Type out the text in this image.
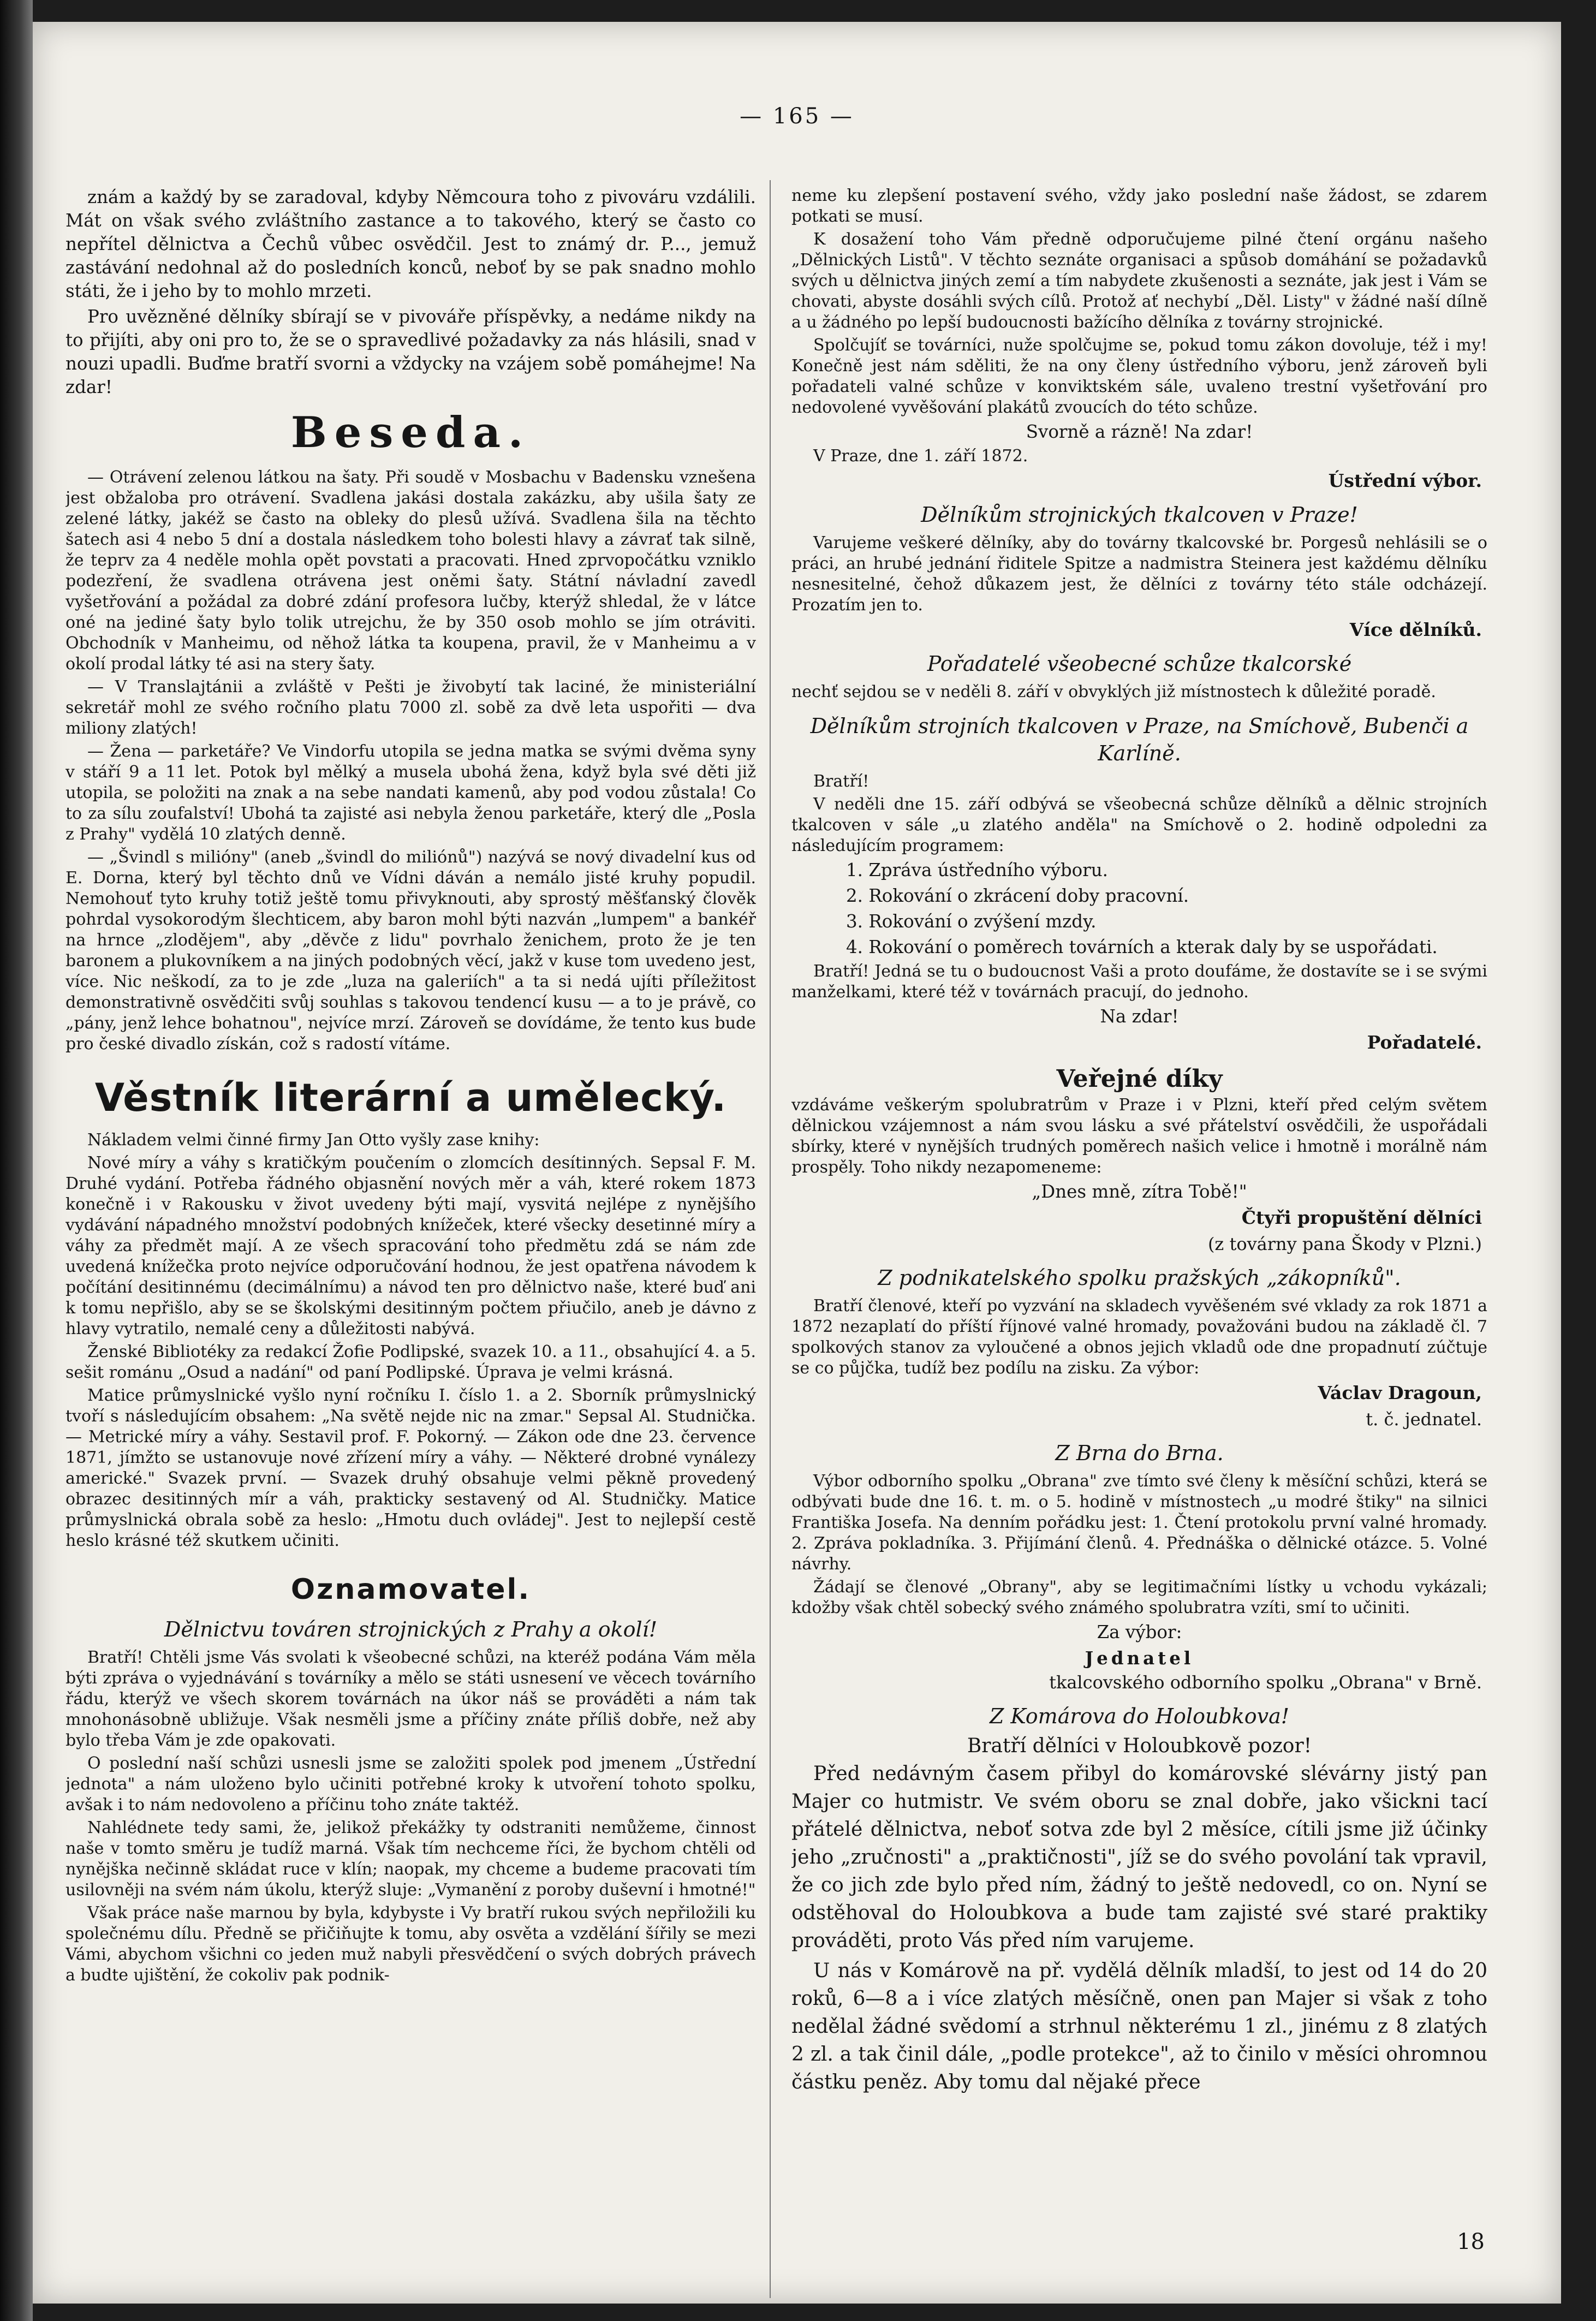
— 165 —

znám a každý by se zaradoval, kdyby Němcoura toho z pivováru vzdálili. Mát on však svého zvláštního zastance a to takového, který se často co nepřítel dělnictva a Čechů vůbec osvědčil. Jest to známý dr. P..., jemuž zastávání nedohnal až do posledních konců, neboť by se pak snadno mohlo státi, že i jeho by to mohlo mrzeti.

Pro uvězněné dělníky sbírají se v pivováře příspěvky, a nedáme nikdy na to přijíti, aby oni pro to, že se o spravedlivé požadavky za nás hlásili, snad v nouzi upadli. Buďme bratří svorni a vždycky na vzájem sobě pomáhejme! Na zdar!

Beseda.

— Otrávení zelenou látkou na šaty. Při soudě v Mosbachu v Badensku vznešena jest obžaloba pro otrávení. Svadlena jakási dostala zakázku, aby ušila šaty ze zelené látky, jakéž se často na obleky do plesů užívá. Svadlena šila na těchto šatech asi 4 nebo 5 dní a dostala následkem toho bolesti hlavy a závrať tak silně, že teprv za 4 neděle mohla opět povstati a pracovati. Hned zprvopočátku vzniklo podezření, že svadlena otrávena jest oněmi šaty. Státní návladní zavedl vyšetřování a požádal za dobré zdání profesora lučby, kterýž shledal, že v látce oné na jediné šaty bylo tolik utrejchu, že by 350 osob mohlo se jím otráviti. Obchodník v Manheimu, od něhož látka ta koupena, pravil, že v Manheimu a v okolí prodal látky té asi na stery šaty.

— V Translajtánii a zvláště v Pešti je živobytí tak laciné, že ministeriální sekretář mohl ze svého ročního platu 7000 zl. sobě za dvě leta uspořiti — dva miliony zlatých!

— Žena — parketáře? Ve Vindorfu utopila se jedna matka se svými dvěma syny v stáří 9 a 11 let. Potok byl mělký a musela ubohá žena, když byla své děti již utopila, se položiti na znak a na sebe nandati kamenů, aby pod vodou zůstala! Co to za sílu zoufalství! Ubohá ta zajisté asi nebyla ženou parketáře, který dle „Posla z Prahy" vydělá 10 zlatých denně.

— „Švindl s milióny" (aneb „švindl do miliónů") nazývá se nový divadelní kus od E. Dorna, který byl těchto dnů ve Vídni dáván a nemálo jisté kruhy popudil. Nemohouť tyto kruhy totiž ještě tomu přivyknouti, aby sprostý měšťanský člověk pohrdal vysokorodým šlechticem, aby baron mohl býti nazván „lumpem" a bankéř na hrnce „zlodějem", aby „děvče z lidu" povrhalo ženichem, proto že je ten baronem a plukovníkem a na jiných podobných věcí, jakž v kuse tom uvedeno jest, více. Nic neškodí, za to je zde „luza na galeriích" a ta si nedá ujíti příležitost demonstrativně osvědčiti svůj souhlas s takovou tendencí kusu — a to je právě, co „pány, jenž lehce bohatnou", nejvíce mrzí. Zároveň se dovídáme, že tento kus bude pro české divadlo získán, což s radostí vítáme.

Věstník literární a umělecký.

Nákladem velmi činné firmy Jan Otto vyšly zase knihy:

Nové míry a váhy s kratičkým poučením o zlomcích desítinných. Sepsal F. M. Druhé vydání. Potřeba řádného objasnění nových měr a váh, které rokem 1873 konečně i v Rakousku v život uvedeny býti mají, vysvitá nejlépe z nynějšího vydávání nápadného množství podobných knížeček, které všecky desetinné míry a váhy za předmět mají. A ze všech spracování toho předmětu zdá se nám zde uvedená knížečka proto nejvíce odporučování hodnou, že jest opatřena návodem k počítání desitinnému (decimálnímu) a návod ten pro dělnictvo naše, které buď ani k tomu nepřišlo, aby se se školskými desitinným počtem přiučilo, aneb je dávno z hlavy vytratilo, nemalé ceny a důležitosti nabývá.

Ženské Bibliotéky za redakcí Žofie Podlipské, svazek 10. a 11., obsahující 4. a 5. sešit románu „Osud a nadání" od paní Podlipské. Úprava je velmi krásná.

Matice průmyslnické vyšlo nyní ročníku I. číslo 1. a 2. Sborník průmyslnický tvoří s následujícím obsahem: „Na světě nejde nic na zmar." Sepsal Al. Studnička. — Metrické míry a váhy. Sestavil prof. F. Pokorný. — Zákon ode dne 23. července 1871, jímžto se ustanovuje nové zřízení míry a váhy. — Některé drobné vynálezy americké." Svazek první. — Svazek druhý obsahuje velmi pěkně provedený obrazec desitinných mír a váh, prakticky sestavený od Al. Studničky. Matice průmyslnická obrala sobě za heslo: „Hmotu duch ovládej". Jest to nejlepší cestě heslo krásné též skutkem učiniti.

Oznamovatel.
Dělnictvu továren strojnických z Prahy a okolí!

Bratří! Chtěli jsme Vás svolati k všeobecné schůzi, na kteréž podána Vám měla býti zpráva o vyjednávání s továrníky a mělo se státi usnesení ve věcech továrního řádu, kterýž ve všech skorem továrnách na úkor náš se prováděti a nám tak mnohonásobně ubližuje. Však nesměli jsme a příčiny znáte příliš dobře, než aby bylo třeba Vám je zde opakovati.

O poslední naší schůzi usnesli jsme se založiti spolek pod jmenem „Ústřední jednota" a nám uloženo bylo učiniti potřebné kroky k utvoření tohoto spolku, avšak i to nám nedovoleno a příčinu toho znáte taktéž.

Nahlédnete tedy sami, že, jelikož překážky ty odstraniti nemůžeme, činnost naše v tomto směru je tudíž marná. Však tím nechceme říci, že bychom chtěli od nynějška nečinně skládat ruce v klín; naopak, my chceme a budeme pracovati tím usilovněji na svém nám úkolu, kterýž sluje: „Vymanění z poroby duševní i hmotné!"

Však práce naše marnou by byla, kdybyste i Vy bratří rukou svých nepřiložili ku společnému dílu. Předně se přičiňujte k tomu, aby osvěta a vzdělání šířily se mezi Vámi, abychom všichni co jeden muž nabyli přesvědčení o svých dobrých právech a budte ujištění, že cokoliv pak podnik-

neme ku zlepšení postavení svého, vždy jako poslední naše žádost, se zdarem potkati se musí.

K dosažení toho Vám předně odporučujeme pilné čtení orgánu našeho „Dělnických Listů". V těchto seznáte organisaci a spůsob domáhání se požadavků svých u dělnictva jiných zemí a tím nabydete zkušenosti a seznáte, jak jest i Vám se chovati, abyste dosáhli svých cílů. Protož ať nechybí „Děl. Listy" v žádné naší dílně a u žádného po lepší budoucnosti bažícího dělníka z továrny strojnické.

Spolčujíť se továrníci, nuže spolčujme se, pokud tomu zákon dovoluje, též i my! Konečně jest nám sděliti, že na ony členy ústředního výboru, jenž zároveň byli pořadateli valné schůze v konviktském sále, uvaleno trestní vyšetřování pro nedovolené vyvěšování plakátů zvoucích do této schůze.

Svorně a rázně! Na zdar!

V Praze, dne 1. září 1872.

Ústřední výbor.
Dělníkům strojnických tkalcoven v Praze!

Varujeme veškeré dělníky, aby do továrny tkalcovské br. Porgesů nehlásili se o práci, an hrubé jednání řiditele Spitze a nadmistra Steinera jest každému dělníku nesnesitelné, čehož důkazem jest, že dělníci z továrny této stále odcházejí. Prozatím jen to.

Více dělníků.
Pořadatelé všeobecné schůze tkalcorské

nechť sejdou se v neděli 8. září v obvyklých již místnostech k důležité poradě.

Dělníkům strojních tkalcoven v Praze, na Smíchově, Bubenči a Karlíně.

Bratří!

V neděli dne 15. září odbývá se všeobecná schůze dělníků a dělnic strojních tkalcoven v sále „u zlatého anděla" na Smíchově o 2. hodině odpoledni za následujícím programem:

1. Zpráva ústředního výboru.
2. Rokování o zkrácení doby pracovní.
3. Rokování o zvýšení mzdy.
4. Rokování o poměrech továrních a kterak daly by se uspořádati.

Bratří! Jedná se tu o budoucnost Vaši a proto doufáme, že dostavíte se i se svými manželkami, které též v továrnách pracují, do jednoho.

Na zdar!
Pořadatelé.
Veřejné díky

vzdáváme veškerým spolubratrům v Praze i v Plzni, kteří před celým světem dělnickou vzájemnost a nám svou lásku a své přátelství osvědčili, že uspořádali sbírky, které v nynějších trudných poměrech našich velice i hmotně i morálně nám prospěly. Toho nikdy nezapomeneme:

„Dnes mně, zítra Tobě!"
Čtyři propuštění dělníci
(z továrny pana Škody v Plzni.)
Z podnikatelského spolku pražských „zákopníků".

Bratří členové, kteří po vyzvání na skladech vyvěšeném své vklady za rok 1871 a 1872 nezaplatí do příští říjnové valné hromady, považováni budou na základě čl. 7 spolkových stanov za vyloučené a obnos jejich vkladů ode dne propadnutí zúčtuje se co půjčka, tudíž bez podílu na zisku. Za výbor:

Václav Dragoun,
t. č. jednatel.
Z Brna do Brna.

Výbor odborního spolku „Obrana" zve tímto své členy k měsíční schůzi, která se odbývati bude dne 16. t. m. o 5. hodině v místnostech „u modré štiky" na silnici Františka Josefa. Na denním pořádku jest: 1. Čtení protokolu první valné hromady. 2. Zpráva pokladníka. 3. Přijímání členů. 4. Přednáška o dělnické otázce. 5. Volné návrhy.

Žádají se členové „Obrany", aby se legitimačními lístky u vchodu vykázali; kdožby však chtěl sobecký svého známého spolubratra vzíti, smí to učiniti.

Za výbor:
Jednatel
tkalcovského odborního spolku „Obrana" v Brně.
Z Komárova do Holoubkova!
Bratří dělníci v Holoubkově pozor!

Před nedávným časem přibyl do komárovské slévárny jistý pan Majer co hutmistr. Ve svém oboru se znal dobře, jako všickni tací přátelé dělnictva, neboť sotva zde byl 2 měsíce, cítili jsme již účinky jeho „zručnosti" a „praktičnosti", jíž se do svého povolání tak vpravil, že co jich zde bylo před ním, žádný to ještě nedovedl, co on. Nyní se odstěhoval do Holoubkova a bude tam zajisté své staré praktiky prováděti, proto Vás před ním varujeme.

U nás v Komárově na př. vydělá dělník mladší, to jest od 14 do 20 roků, 6—8 a i více zlatých měsíčně, onen pan Majer si však z toho nedělal žádné svědomí a strhnul některému 1 zl., jinému z 8 zlatých 2 zl. a tak činil dále, „podle protekce", až to činilo v měsíci ohromnou částku peněz. Aby tomu dal nějaké přece

18
